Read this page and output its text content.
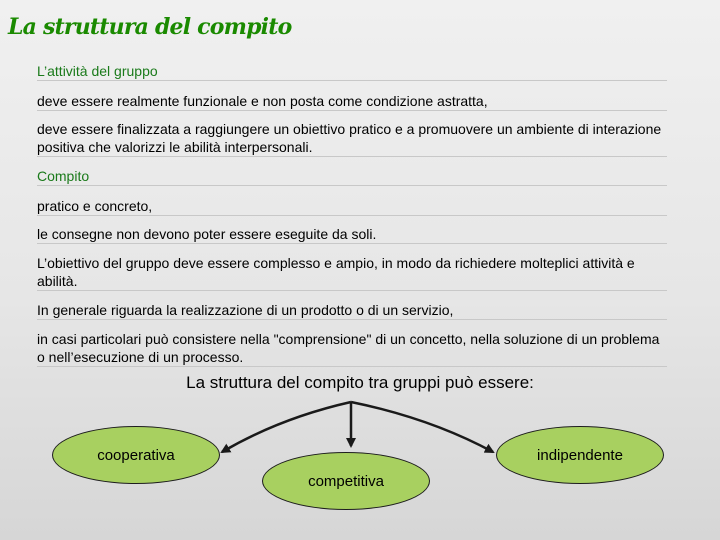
La struttura del compito
L’attività del gruppo
deve essere realmente funzionale e non posta come condizione astratta,
deve essere finalizzata a raggiungere un obiettivo pratico e a promuovere un ambiente di interazione positiva che valorizzi le abilità interpersonali.
Compito
pratico e concreto,
le consegne non devono poter essere eseguite da soli.
L’obiettivo del gruppo deve essere complesso e ampio, in modo da richiedere molteplici attività e abilità.
In generale riguarda la realizzazione di un prodotto o di un servizio,
in casi particolari può consistere nella "comprensione" di un concetto, nella soluzione di un problema o nell’esecuzione di un processo.
La struttura del compito tra gruppi può essere:
cooperativa
competitiva
indipendente
